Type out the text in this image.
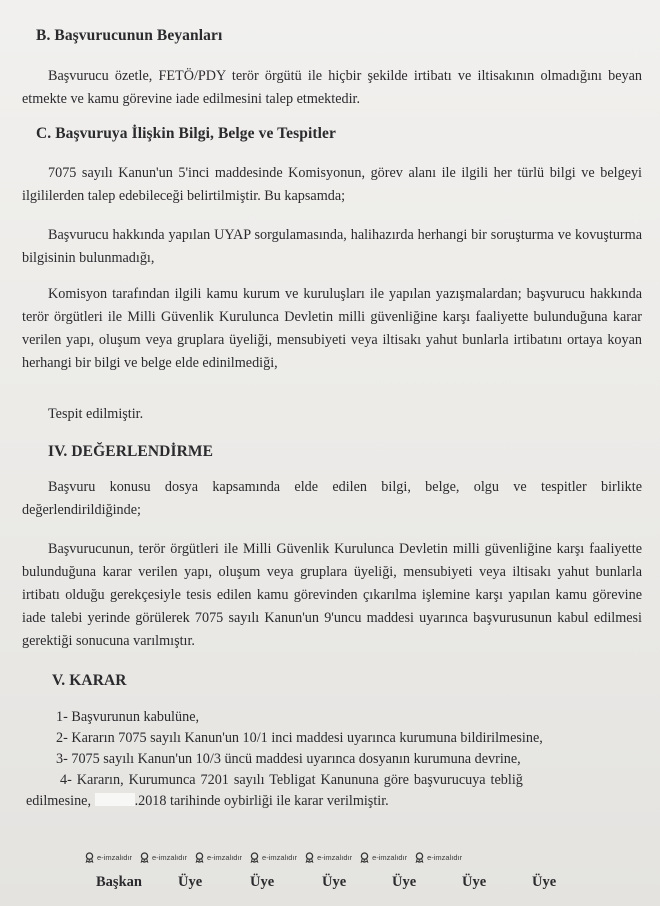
B. Başvurucunun Beyanları

Başvurucu özetle, FETÖ/PDY terör örgütü ile hiçbir şekilde irtibatı ve iltisakının olmadığını beyan etmekte ve kamu görevine iade edilmesini talep etmektedir.

C. Başvuruya İlişkin Bilgi, Belge ve Tespitler

7075 sayılı Kanun'un 5'inci maddesinde Komisyonun, görev alanı ile ilgili her türlü bilgi ve belgeyi ilgililerden talep edebileceği belirtilmiştir. Bu kapsamda;

Başvurucu hakkında yapılan UYAP sorgulamasında, halihazırda herhangi bir soruşturma ve kovuşturma bilgisinin bulunmadığı,

Komisyon tarafından ilgili kamu kurum ve kuruluşları ile yapılan yazışmalardan; başvurucu hakkında terör örgütleri ile Milli Güvenlik Kurulunca Devletin milli güvenliğine karşı faaliyette bulunduğuna karar verilen yapı, oluşum veya gruplara üyeliği, mensubiyeti veya iltisakı yahut bunlarla irtibatını ortaya koyan herhangi bir bilgi ve belge elde edinilmediği,

Tespit edilmiştir.

IV. DEĞERLENDİRME

Başvuru konusu dosya kapsamında elde edilen bilgi, belge, olgu ve tespitler birlikte değerlendirildiğinde;

Başvurucunun, terör örgütleri ile Milli Güvenlik Kurulunca Devletin milli güvenliğine karşı faaliyette bulunduğuna karar verilen yapı, oluşum veya gruplara üyeliği, mensubiyeti veya iltisakı yahut bunlarla irtibatı olduğu gerekçesiyle tesis edilen kamu görevinden çıkarılma işlemine karşı yapılan kamu görevine iade talebi yerinde görülerek 7075 sayılı Kanun'un 9'uncu maddesi uyarınca başvurusunun kabul edilmesi gerektiği sonucuna varılmıştır.

V. KARAR
1- Başvurunun kabulüne,
2- Kararın 7075 sayılı Kanun'un 10/1 inci maddesi uyarınca kurumuna bildirilmesine,
3- 7075 sayılı Kanun'un 10/3 üncü maddesi uyarınca dosyanın kurumuna devrine,
4- Kararın, Kurumunca 7201 sayılı Tebligat Kanununa göre başvurucuya tebliğ
edilmesine,	.2018 tarihinde oybirliği ile karar verilmiştir.
e-imzalıdır	e-imzalıdır	e-imzalıdır	e-imzalıdır	e-imzalıdır	e-imzalıdır	e-imzalıdır
Başkan Üye	Üye	Üye	Üye	Üye	Üye
